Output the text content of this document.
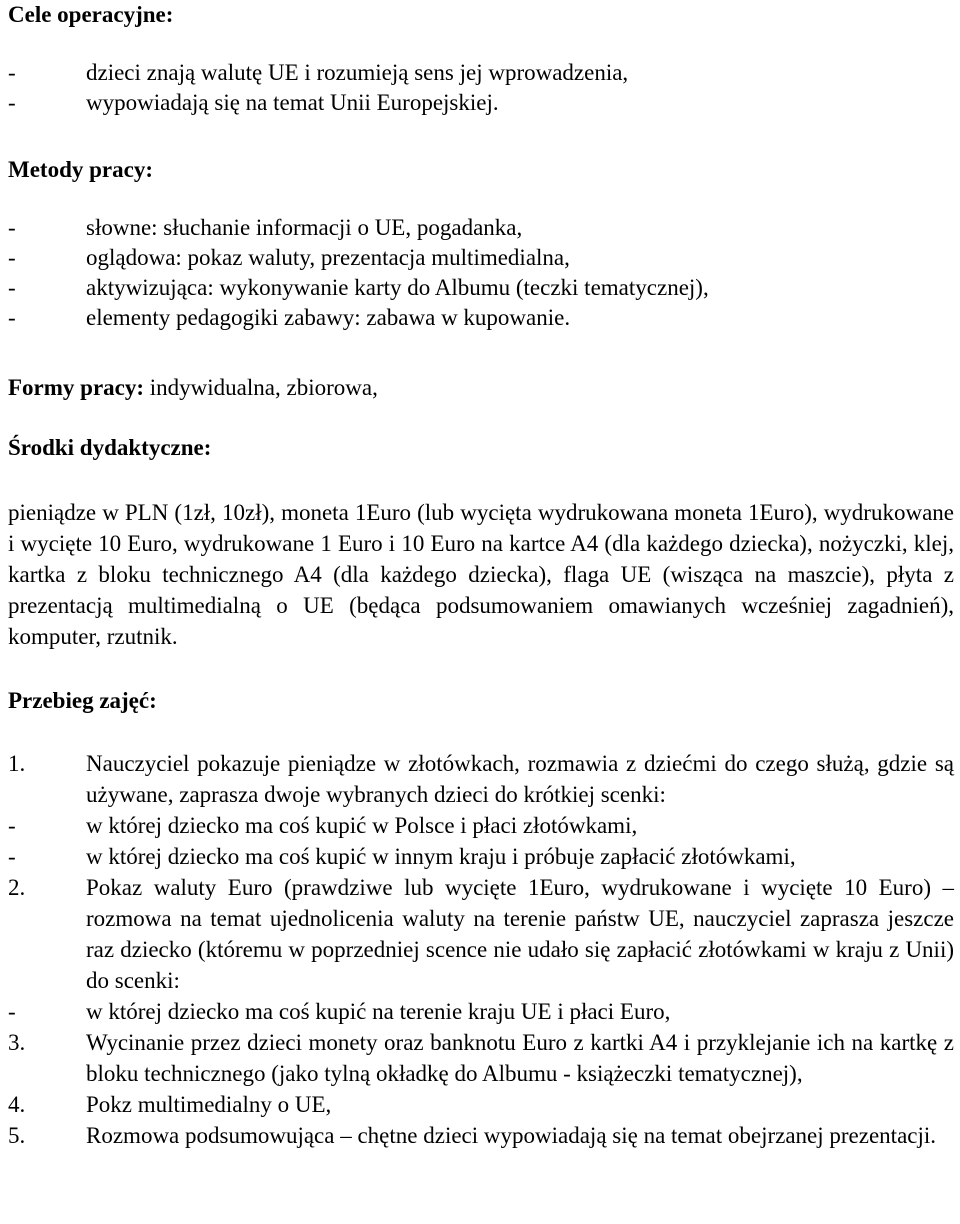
Cele operacyjne:

- dzieci znają walutę UE i rozumieją sens jej wprowadzenia,
- wypowiadają się na temat Unii Europejskiej.

Metody pracy:

- słowne: słuchanie informacji o UE, pogadanka,
- oglądowa: pokaz waluty, prezentacja multimedialna,
- aktywizująca: wykonywanie karty do Albumu (teczki tematycznej),
- elementy pedagogiki zabawy: zabawa w kupowanie.

Formy pracy: indywidualna, zbiorowa,

Środki dydaktyczne:

pieniądze w PLN (1zł, 10zł), moneta 1Euro (lub wycięta wydrukowana moneta 1Euro), wydrukowane i wycięte 10 Euro, wydrukowane 1 Euro i 10 Euro na kartce A4 (dla każdego dziecka), nożyczki, klej, kartka z bloku technicznego A4 (dla każdego dziecka), flaga UE (wisząca na maszcie), płyta z prezentacją multimedialną o UE (będąca podsumowaniem omawianych wcześniej zagadnień), komputer, rzutnik.

Przebieg zajęć:

1.	Nauczyciel pokazuje pieniądze w złotówkach, rozmawia z dziećmi do czego służą, gdzie są używane, zaprasza dwoje wybranych dzieci do krótkiej scenki:
- w której dziecko ma coś kupić w Polsce i płaci złotówkami,
- w której dziecko ma coś kupić w innym kraju i próbuje zapłacić złotówkami,
2.	Pokaz waluty Euro (prawdziwe lub wycięte 1Euro, wydrukowane i wycięte 10 Euro) – rozmowa na temat ujednolicenia waluty na terenie państw UE, nauczyciel zaprasza jeszcze raz dziecko (któremu w poprzedniej scence nie udało się zapłacić złotówkami w kraju z Unii) do scenki:
- w której dziecko ma coś kupić na terenie kraju UE i płaci Euro,
3.	Wycinanie przez dzieci monety oraz banknotu Euro z kartki A4 i przyklejanie ich na kartkę z bloku technicznego (jako tylną okładkę do Albumu - książeczki tematycznej),
4.	Pokz multimedialny o UE,
5.	Rozmowa podsumowująca – chętne dzieci wypowiadają się na temat obejrzanej prezentacji.
